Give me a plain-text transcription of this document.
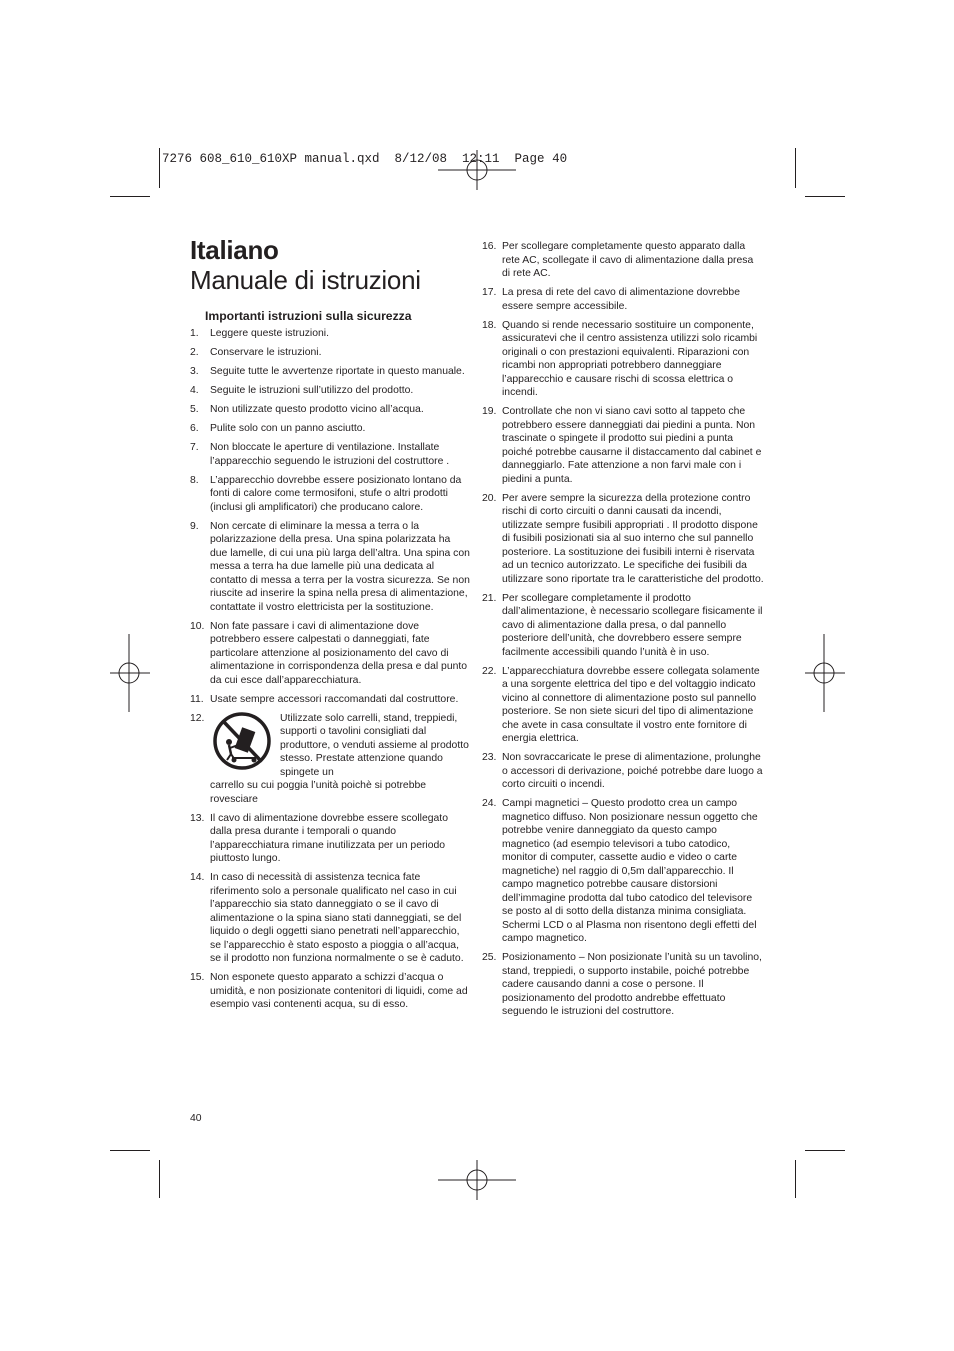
7276 608_610_610XP manual.qxd  8/12/08  12:11  Page 40
Italiano
Manuale di istruzioni
Importanti istruzioni sulla sicurezza
1. Leggere queste istruzioni.
2. Conservare le istruzioni.
3. Seguite tutte le avvertenze riportate in questo manuale.
4. Seguite le istruzioni sull’utilizzo del prodotto.
5. Non utilizzate questo prodotto vicino all’acqua.
6. Pulite solo con un panno asciutto.
7. Non bloccate le aperture di ventilazione. Installate l’apparecchio seguendo le istruzioni del costruttore .
8. L’apparecchio dovrebbe essere posizionato lontano da fonti di calore come termosifoni, stufe o altri prodotti (inclusi gli amplificatori) che producano calore.
9. Non cercate di eliminare la messa a terra o la polarizzazione della presa. Una spina polarizzata ha due lamelle, di cui una più larga dell’altra. Una spina con messa a terra ha due lamelle più una dedicata al contatto di messa a terra per la vostra sicurezza. Se non riuscite ad inserire la spina nella presa di alimentazione, contattate il vostro elettricista per la sostituzione.
10. Non fate passare i cavi di alimentazione dove potrebbero essere calpestati o danneggiati, fate particolare attenzione al posizionamento del cavo di alimentazione in corrispondenza della presa e dal punto da cui esce dall’apparecchiatura.
11. Usate sempre accessori raccomandati dal costruttore.
12.	Utilizzate solo carrelli, stand, treppiedi, supporti o tavolini consigliati dal produttore, o venduti assieme al prodotto stesso. Prestate attenzione quando spingete un
carrello su cui poggia l’unità poichè si potrebbe rovesciare
13. Il cavo di alimentazione dovrebbe essere scollegato dalla presa durante i temporali o quando l’apparecchiatura rimane inutilizzata per un periodo piuttosto lungo.
14. In caso di necessità di assistenza tecnica fate riferimento solo a personale qualificato nel caso in cui l’apparecchio sia stato danneggiato o se il cavo di alimentazione o la spina siano stati danneggiati, se del liquido o degli oggetti siano penetrati nell’apparecchio, se l’apparecchio è stato esposto a pioggia o all’acqua, se il prodotto non funziona normalmente o se è caduto.
15. Non esponete questo apparato a schizzi d’acqua o umidità, e non posizionate contenitori di liquidi, come ad esempio vasi contenenti acqua, su di esso.
16. Per scollegare completamente questo apparato dalla rete AC, scollegate il cavo di alimentazione dalla presa di rete AC.
17. La presa di rete del cavo di alimentazione dovrebbe essere sempre accessibile.
18. Quando si rende necessario sostituire un componente, assicuratevi che il centro assistenza utilizzi solo ricambi originali o con prestazioni equivalenti. Riparazioni con ricambi non appropriati potrebbero danneggiare l’apparecchio e causare rischi di scossa elettrica o incendi.
19. Controllate che non vi siano cavi sotto al tappeto che potrebbero essere danneggiati dai piedini a punta. Non trascinate o spingete il prodotto sui piedini a punta poiché potrebbe causarne il distaccamento dal cabinet e danneggiarlo. Fate attenzione a non farvi male con i piedini a punta.
20. Per avere sempre la sicurezza della protezione contro rischi di corto circuiti o danni causati da incendi, utilizzate sempre fusibili appropriati . Il prodotto dispone di fusibili posizionati sia al suo interno che sul pannello posteriore. La sostituzione dei fusibili interni è riservata ad un tecnico autorizzato. Le specifiche dei fusibili da utilizzare sono riportate tra le caratteristiche del prodotto.
21. Per scollegare completamente il prodotto dall’alimentazione, è necessario scollegare fisicamente il cavo di alimentazione dalla presa, o dal pannello posteriore dell’unità, che dovrebbero essere sempre facilmente accessibili quando l’unità è in uso.
22. L’apparecchiatura dovrebbe essere collegata solamente a una sorgente elettrica del tipo e del voltaggio indicato vicino al connettore di alimentazione posto sul pannello posteriore. Se non siete sicuri del tipo di alimentazione che avete in casa consultate il vostro ente fornitore di energia elettrica.
23. Non sovraccaricate le prese di alimentazione, prolunghe o accessori di derivazione, poiché potrebbe dare luogo a corto circuiti o incendi.
24. Campi magnetici – Questo prodotto crea un campo magnetico diffuso. Non posizionare nessun oggetto che potrebbe venire danneggiato da questo campo magnetico (ad esempio televisori a tubo catodico, monitor di computer, cassette audio e video o carte magnetiche) nel raggio di 0,5m dall’apparecchio. Il campo magnetico potrebbe causare distorsioni dell’immagine prodotta dal tubo catodico del televisore se posto al di sotto della distanza minima consigliata. Schermi LCD o al Plasma non risentono degli effetti del campo magnetico.
25. Posizionamento – Non posizionate l’unità su un tavolino, stand, treppiedi, o supporto instabile, poiché potrebbe cadere causando danni a cose o persone. Il posizionamento del prodotto andrebbe effettuato seguendo le istruzioni del costruttore.
40
